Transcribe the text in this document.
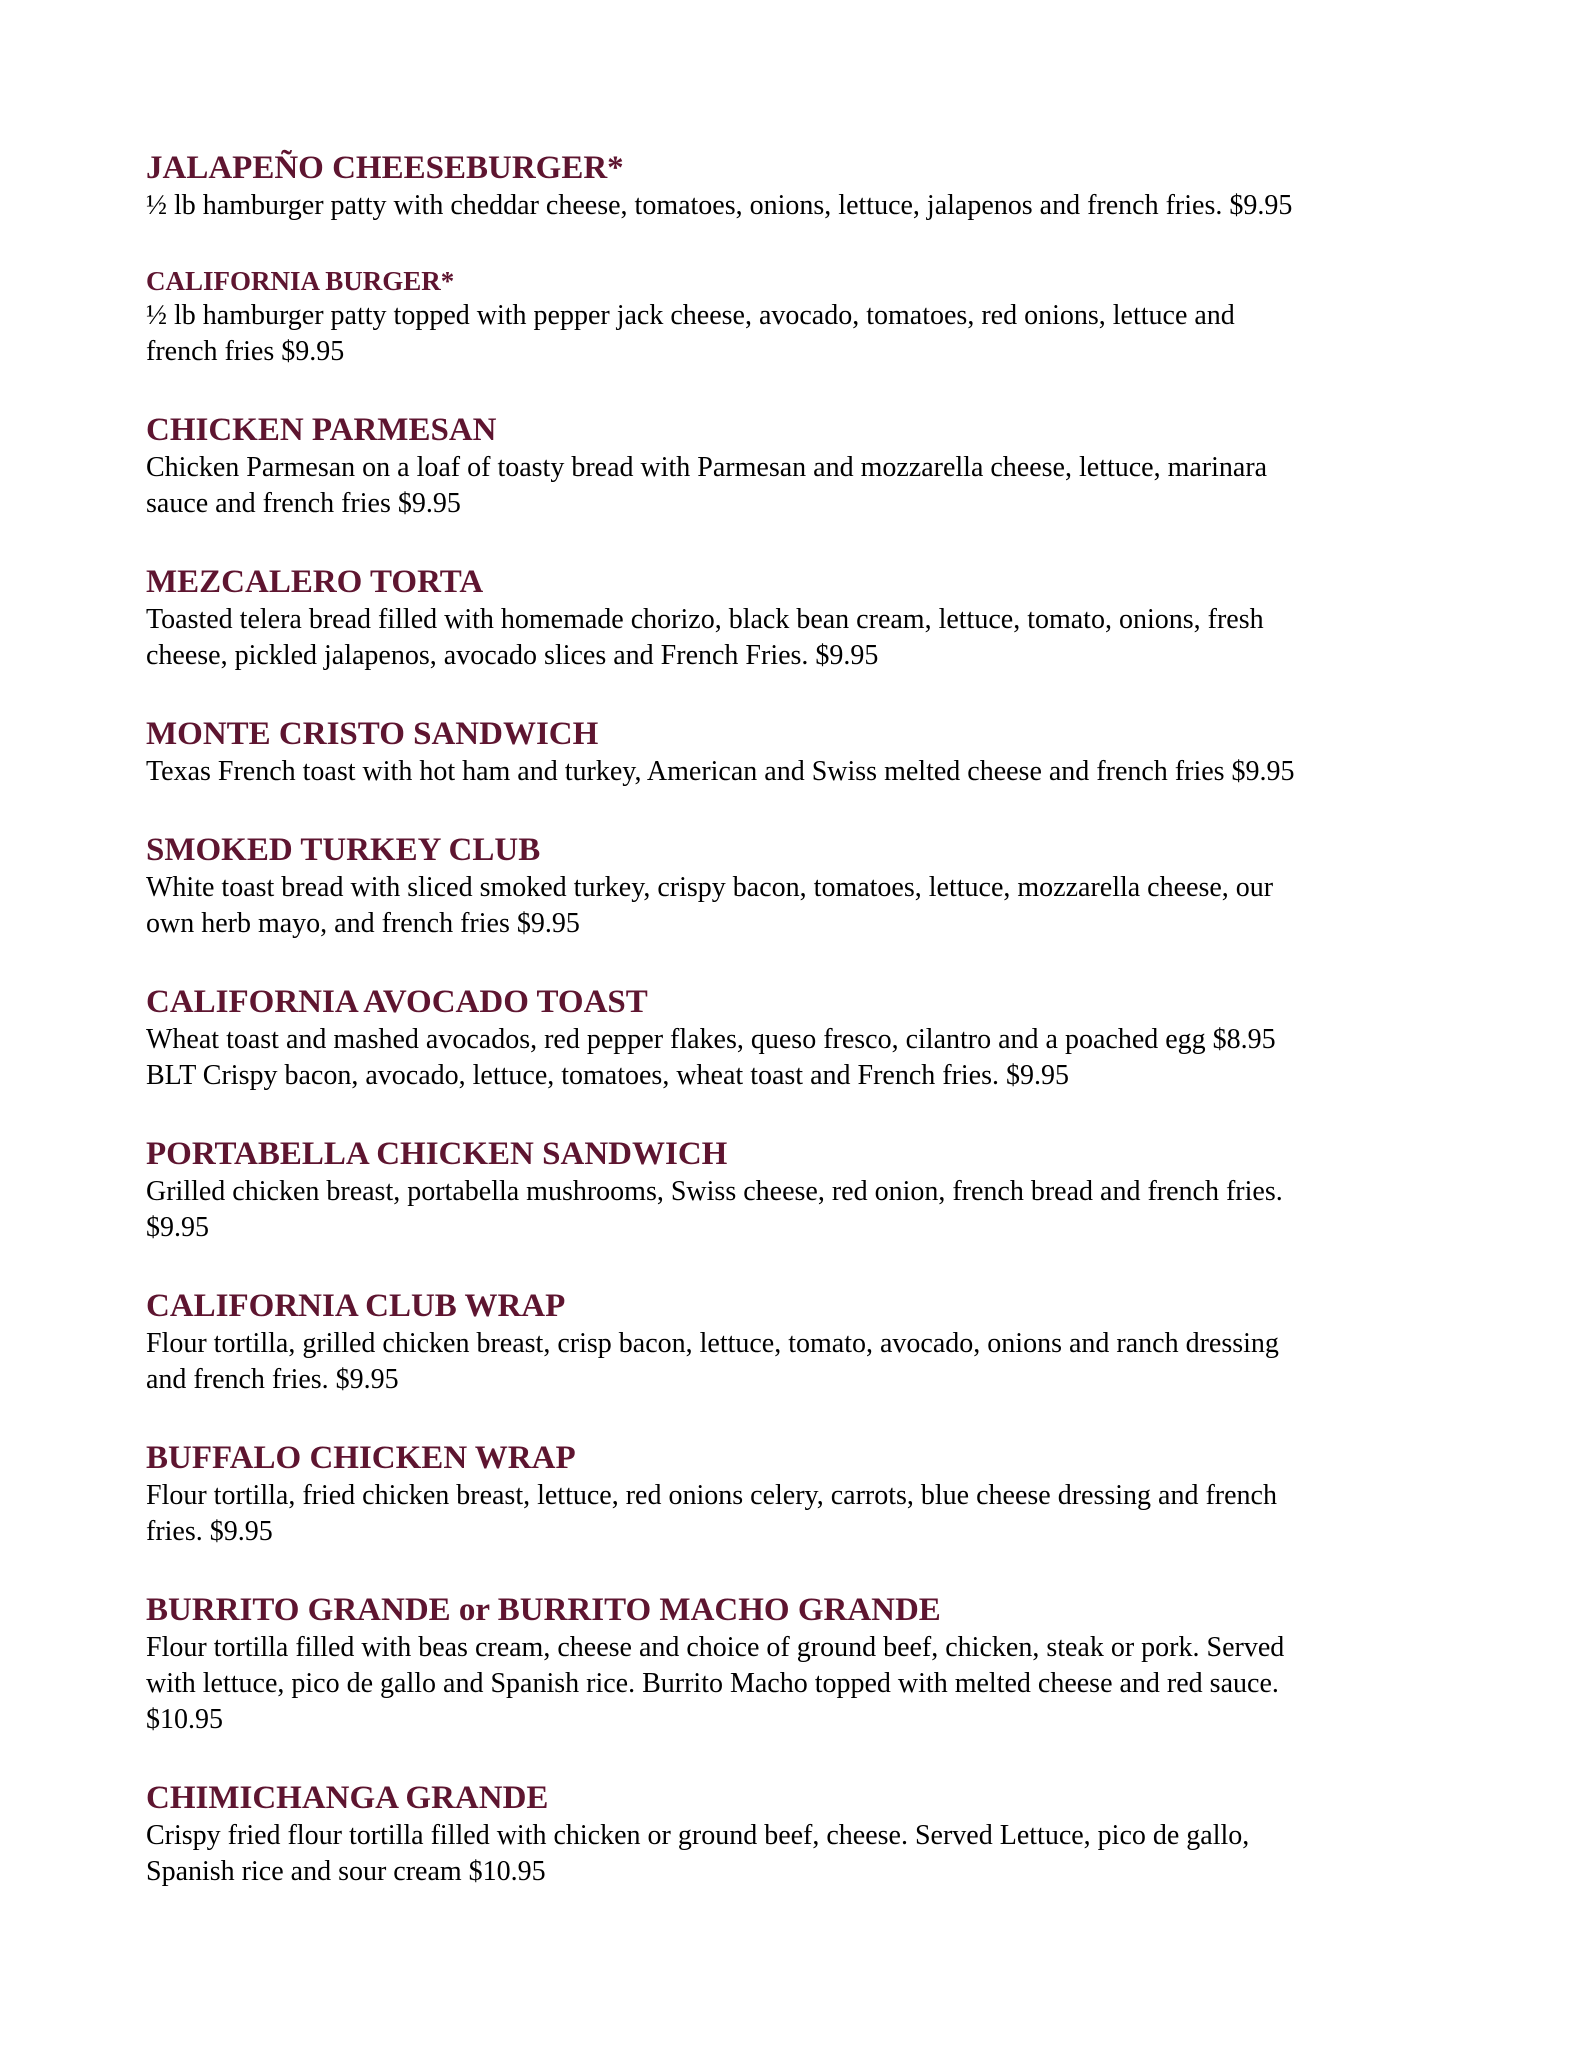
JALAPEÑO CHEESEBURGER*
½ lb hamburger patty with cheddar cheese, tomatoes, onions, lettuce, jalapenos and french fries. $9.95
CALIFORNIA BURGER*
½ lb hamburger patty topped with pepper jack cheese, avocado, tomatoes, red onions, lettuce and
french fries $9.95
CHICKEN PARMESAN
Chicken Parmesan on a loaf of toasty bread with Parmesan and mozzarella cheese, lettuce, marinara
sauce and french fries $9.95
MEZCALERO TORTA
Toasted telera bread filled with homemade chorizo, black bean cream, lettuce, tomato, onions, fresh
cheese, pickled jalapenos, avocado slices and French Fries. $9.95
MONTE CRISTO SANDWICH
Texas French toast with hot ham and turkey, American and Swiss melted cheese and french fries $9.95
SMOKED TURKEY CLUB
White toast bread with sliced smoked turkey, crispy bacon, tomatoes, lettuce, mozzarella cheese, our
own herb mayo, and french fries $9.95
CALIFORNIA AVOCADO TOAST
Wheat toast and mashed avocados, red pepper flakes, queso fresco, cilantro and a poached egg $8.95
BLT Crispy bacon, avocado, lettuce, tomatoes, wheat toast and French fries. $9.95
PORTABELLA CHICKEN SANDWICH
Grilled chicken breast, portabella mushrooms, Swiss cheese, red onion, french bread and french fries.
$9.95
CALIFORNIA CLUB WRAP
Flour tortilla, grilled chicken breast, crisp bacon, lettuce, tomato, avocado, onions and ranch dressing
and french fries. $9.95
BUFFALO CHICKEN WRAP
Flour tortilla, fried chicken breast, lettuce, red onions celery, carrots, blue cheese dressing and french
fries. $9.95
BURRITO GRANDE or BURRITO MACHO GRANDE
Flour tortilla filled with beas cream, cheese and choice of ground beef, chicken, steak or pork. Served
with lettuce, pico de gallo and Spanish rice. Burrito Macho topped with melted cheese and red sauce.
$10.95
CHIMICHANGA GRANDE
Crispy fried flour tortilla filled with chicken or ground beef, cheese. Served Lettuce, pico de gallo,
Spanish rice and sour cream $10.95
